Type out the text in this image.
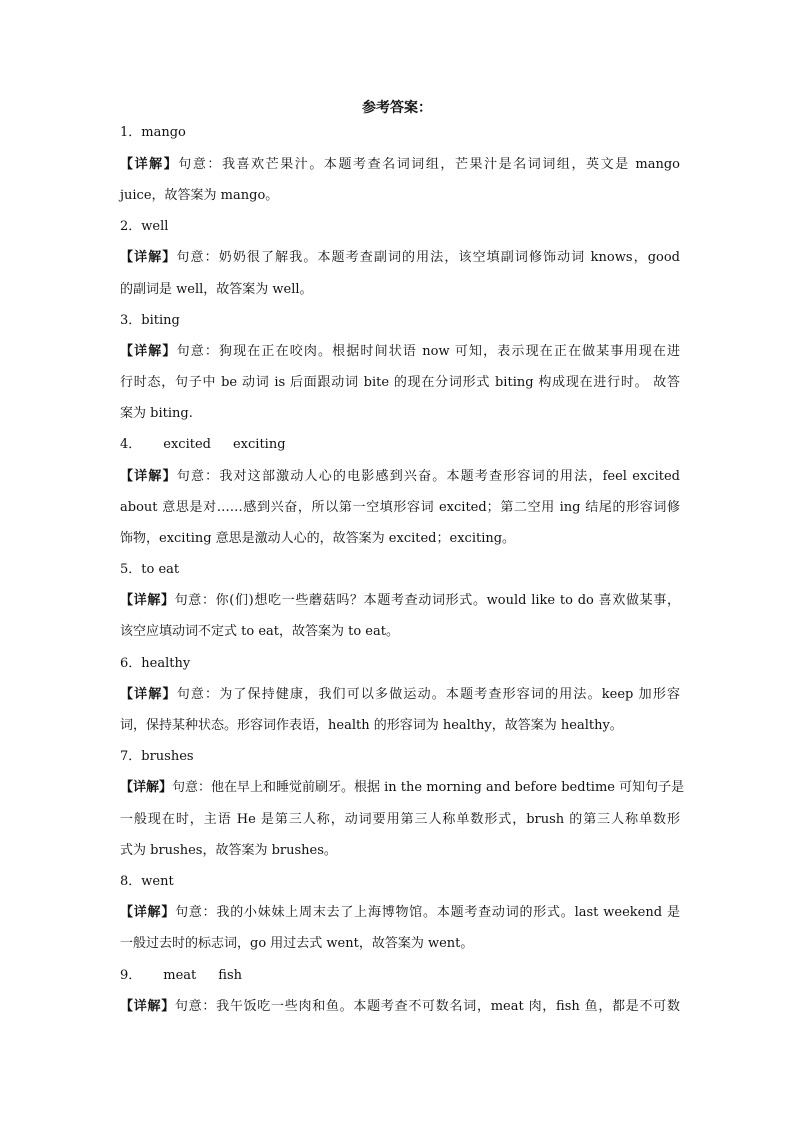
参考答案：
1．mango
【详解】句意：我喜欢芒果汁。本题考查名词词组，芒果汁是名词词组，英文是 mango
juice，故答案为 mango。
2．well
【详解】句意：奶奶很了解我。本题考查副词的用法，该空填副词修饰动词 knows，good
的副词是 well，故答案为 well。
3．biting
【详解】句意：狗现在正在咬肉。根据时间状语 now 可知，表示现在正在做某事用现在进
行时态，句子中 be 动词 is 后面跟动词 bite 的现在分词形式 biting 构成现在进行时。 故答
案为 biting.
4． excited exciting
【详解】句意：我对这部激动人心的电影感到兴奋。本题考查形容词的用法，feel excited
about 意思是对……感到兴奋，所以第一空填形容词 excited；第二空用 ing 结尾的形容词修
饰物，exciting 意思是激动人心的，故答案为 excited；exciting。
5．to eat
【详解】句意：你(们)想吃一些蘑菇吗？本题考查动词形式。would like to do 喜欢做某事，
该空应填动词不定式 to eat，故答案为 to eat。
6．healthy
【详解】句意：为了保持健康，我们可以多做运动。本题考查形容词的用法。keep 加形容
词，保持某种状态。形容词作表语，health 的形容词为 healthy，故答案为 healthy。
7．brushes
【详解】句意：他在早上和睡觉前刷牙。根据 in the morning and before bedtime 可知句子是
一般现在时，主语 He 是第三人称，动词要用第三人称单数形式，brush 的第三人称单数形
式为 brushes，故答案为 brushes。
8．went
【详解】句意：我的小妹妹上周末去了上海博物馆。本题考查动词的形式。last weekend 是
一般过去时的标志词，go 用过去式 went，故答案为 went。
9． meat fish
【详解】句意：我午饭吃一些肉和鱼。本题考查不可数名词，meat 肉，fish 鱼，都是不可数
